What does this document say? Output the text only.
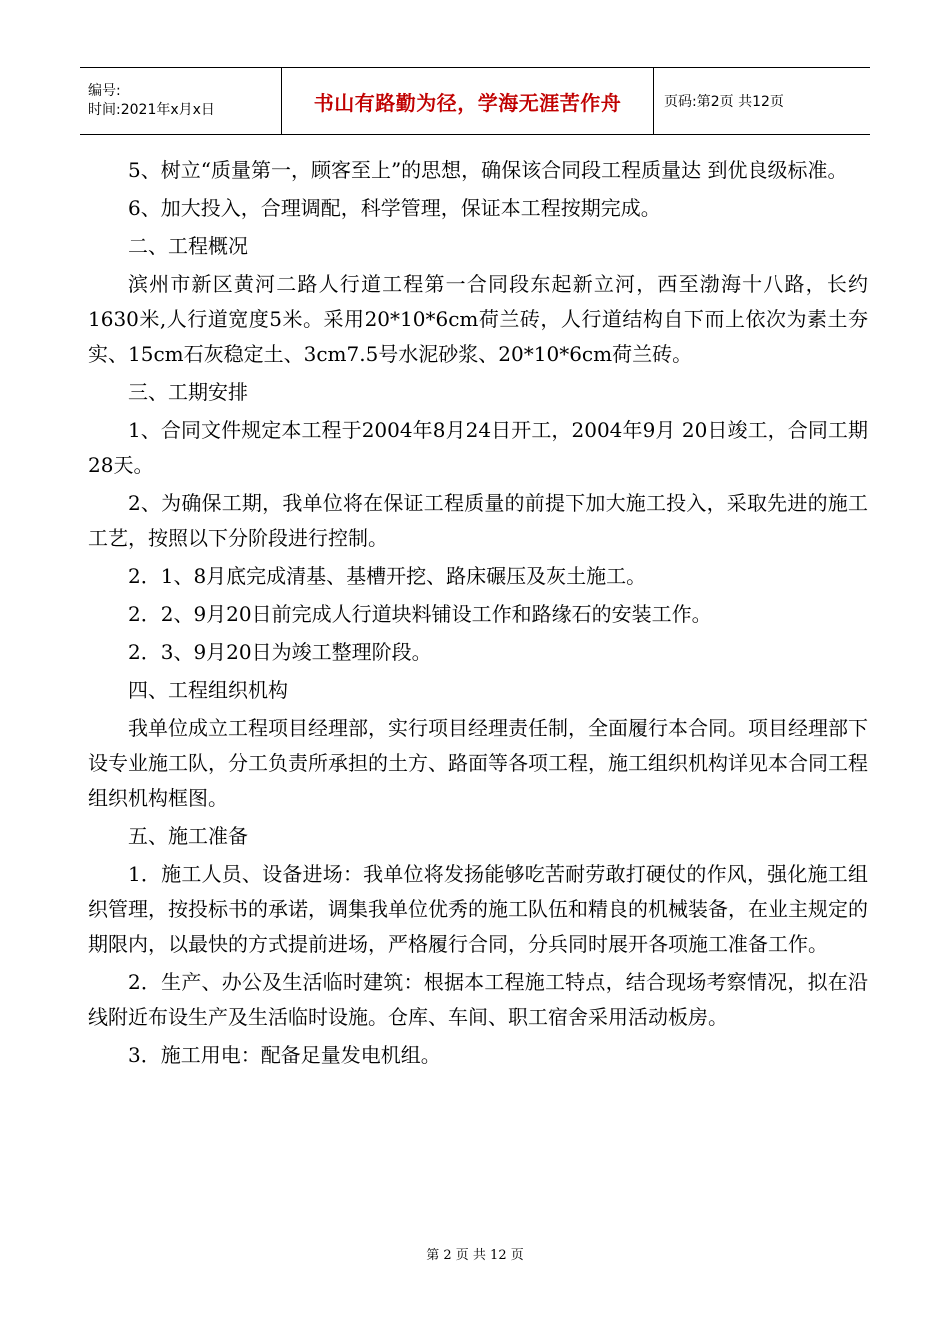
编号:
时间:2021年x月x日	书山有路勤为径，学海无涯苦作舟	页码:第2页 共12页

5、树立“质量第一，顾客至上”的思想，确保该合同段工程质量达 到优良级标准。

6、加大投入，合理调配，科学管理，保证本工程按期完成。

二、工程概况

滨州市新区黄河二路人行道工程第一合同段东起新立河，西至渤海十八路，长约1630米,人行道宽度5米。采用20*10*6cm荷兰砖，人行道结构自下而上依次为素土夯实、15cm石灰稳定土、3cm7.5号水泥砂浆、20*10*6cm荷兰砖。

三、工期安排

1、合同文件规定本工程于2004年8月24日开工，2004年9月 20日竣工，合同工期28天。

2、为确保工期，我单位将在保证工程质量的前提下加大施工投入，采取先进的施工工艺，按照以下分阶段进行控制。

2．1、8月底完成清基、基槽开挖、路床碾压及灰土施工。

2．2、9月20日前完成人行道块料铺设工作和路缘石的安装工作。

2．3、9月20日为竣工整理阶段。

四、工程组织机构

我单位成立工程项目经理部，实行项目经理责任制，全面履行本合同。项目经理部下设专业施工队，分工负责所承担的土方、路面等各项工程，施工组织机构详见本合同工程组织机构框图。

五、施工准备

1．施工人员、设备进场：我单位将发扬能够吃苦耐劳敢打硬仗的作风，强化施工组织管理，按投标书的承诺，调集我单位优秀的施工队伍和精良的机械装备，在业主规定的期限内，以最快的方式提前进场，严格履行合同，分兵同时展开各项施工准备工作。

2．生产、办公及生活临时建筑：根据本工程施工特点，结合现场考察情况，拟在沿线附近布设生产及生活临时设施。仓库、车间、职工宿舍采用活动板房。

3．施工用电：配备足量发电机组。

第 2 页 共 12 页
